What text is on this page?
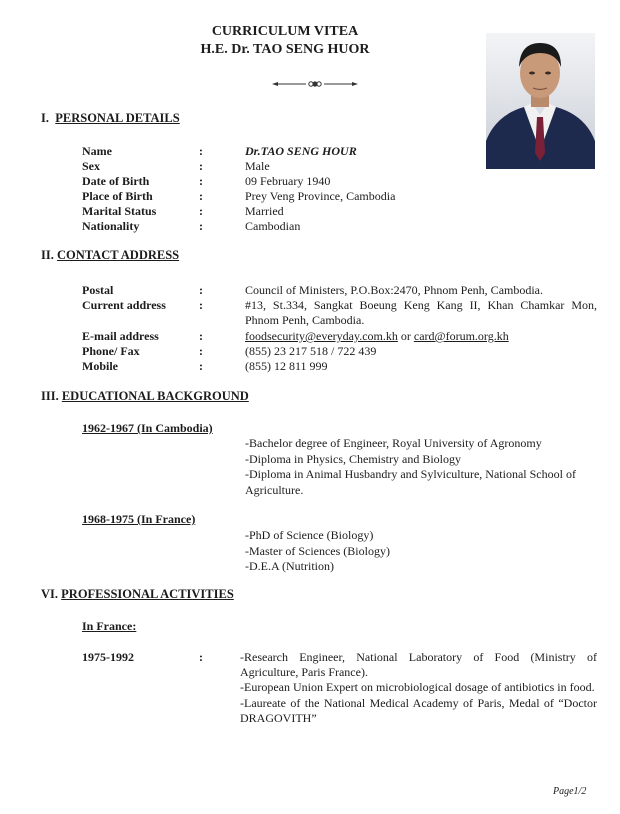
CURRICULUM VITEA
H.E. Dr. TAO SENG HUOR
I. PERSONAL DETAILS
Name	:	Dr.TAO SENG HOUR
Sex	:	Male
Date of Birth	:	09 February 1940
Place of Birth	:	Prey Veng Province, Cambodia
Marital Status	:	Married
Nationality	:	Cambodian
II. CONTACT ADDRESS
Postal	:	Council of Ministers, P.O.Box:2470, Phnom Penh, Cambodia.
Current address	:	#13, St.334, Sangkat Boeung Keng Kang II, Khan Chamkar Mon, Phnom Penh, Cambodia.
E-mail address	:	foodsecurity@everyday.com.kh or card@forum.org.kh
Phone/ Fax	:	(855) 23 217 518 / 722 439
Mobile	:	(855) 12 811 999
III. EDUCATIONAL BACKGROUND
1962-1967 (In Cambodia)
-Bachelor degree of Engineer, Royal University of Agronomy
-Diploma in Physics, Chemistry and Biology
-Diploma in Animal Husbandry and Sylviculture, National School of Agriculture.
1968-1975 (In France)
-PhD of Science (Biology)
-Master of Sciences (Biology)
-D.E.A (Nutrition)
VI. PROFESSIONAL ACTIVITIES
In France:
1975-1992	:	-Research Engineer, National Laboratory of Food (Ministry of Agriculture, Paris France).
-European Union Expert on microbiological dosage of antibiotics in food.
-Laureate of the National Medical Academy of Paris, Medal of “Doctor DRAGOVITH”
Page1/2
